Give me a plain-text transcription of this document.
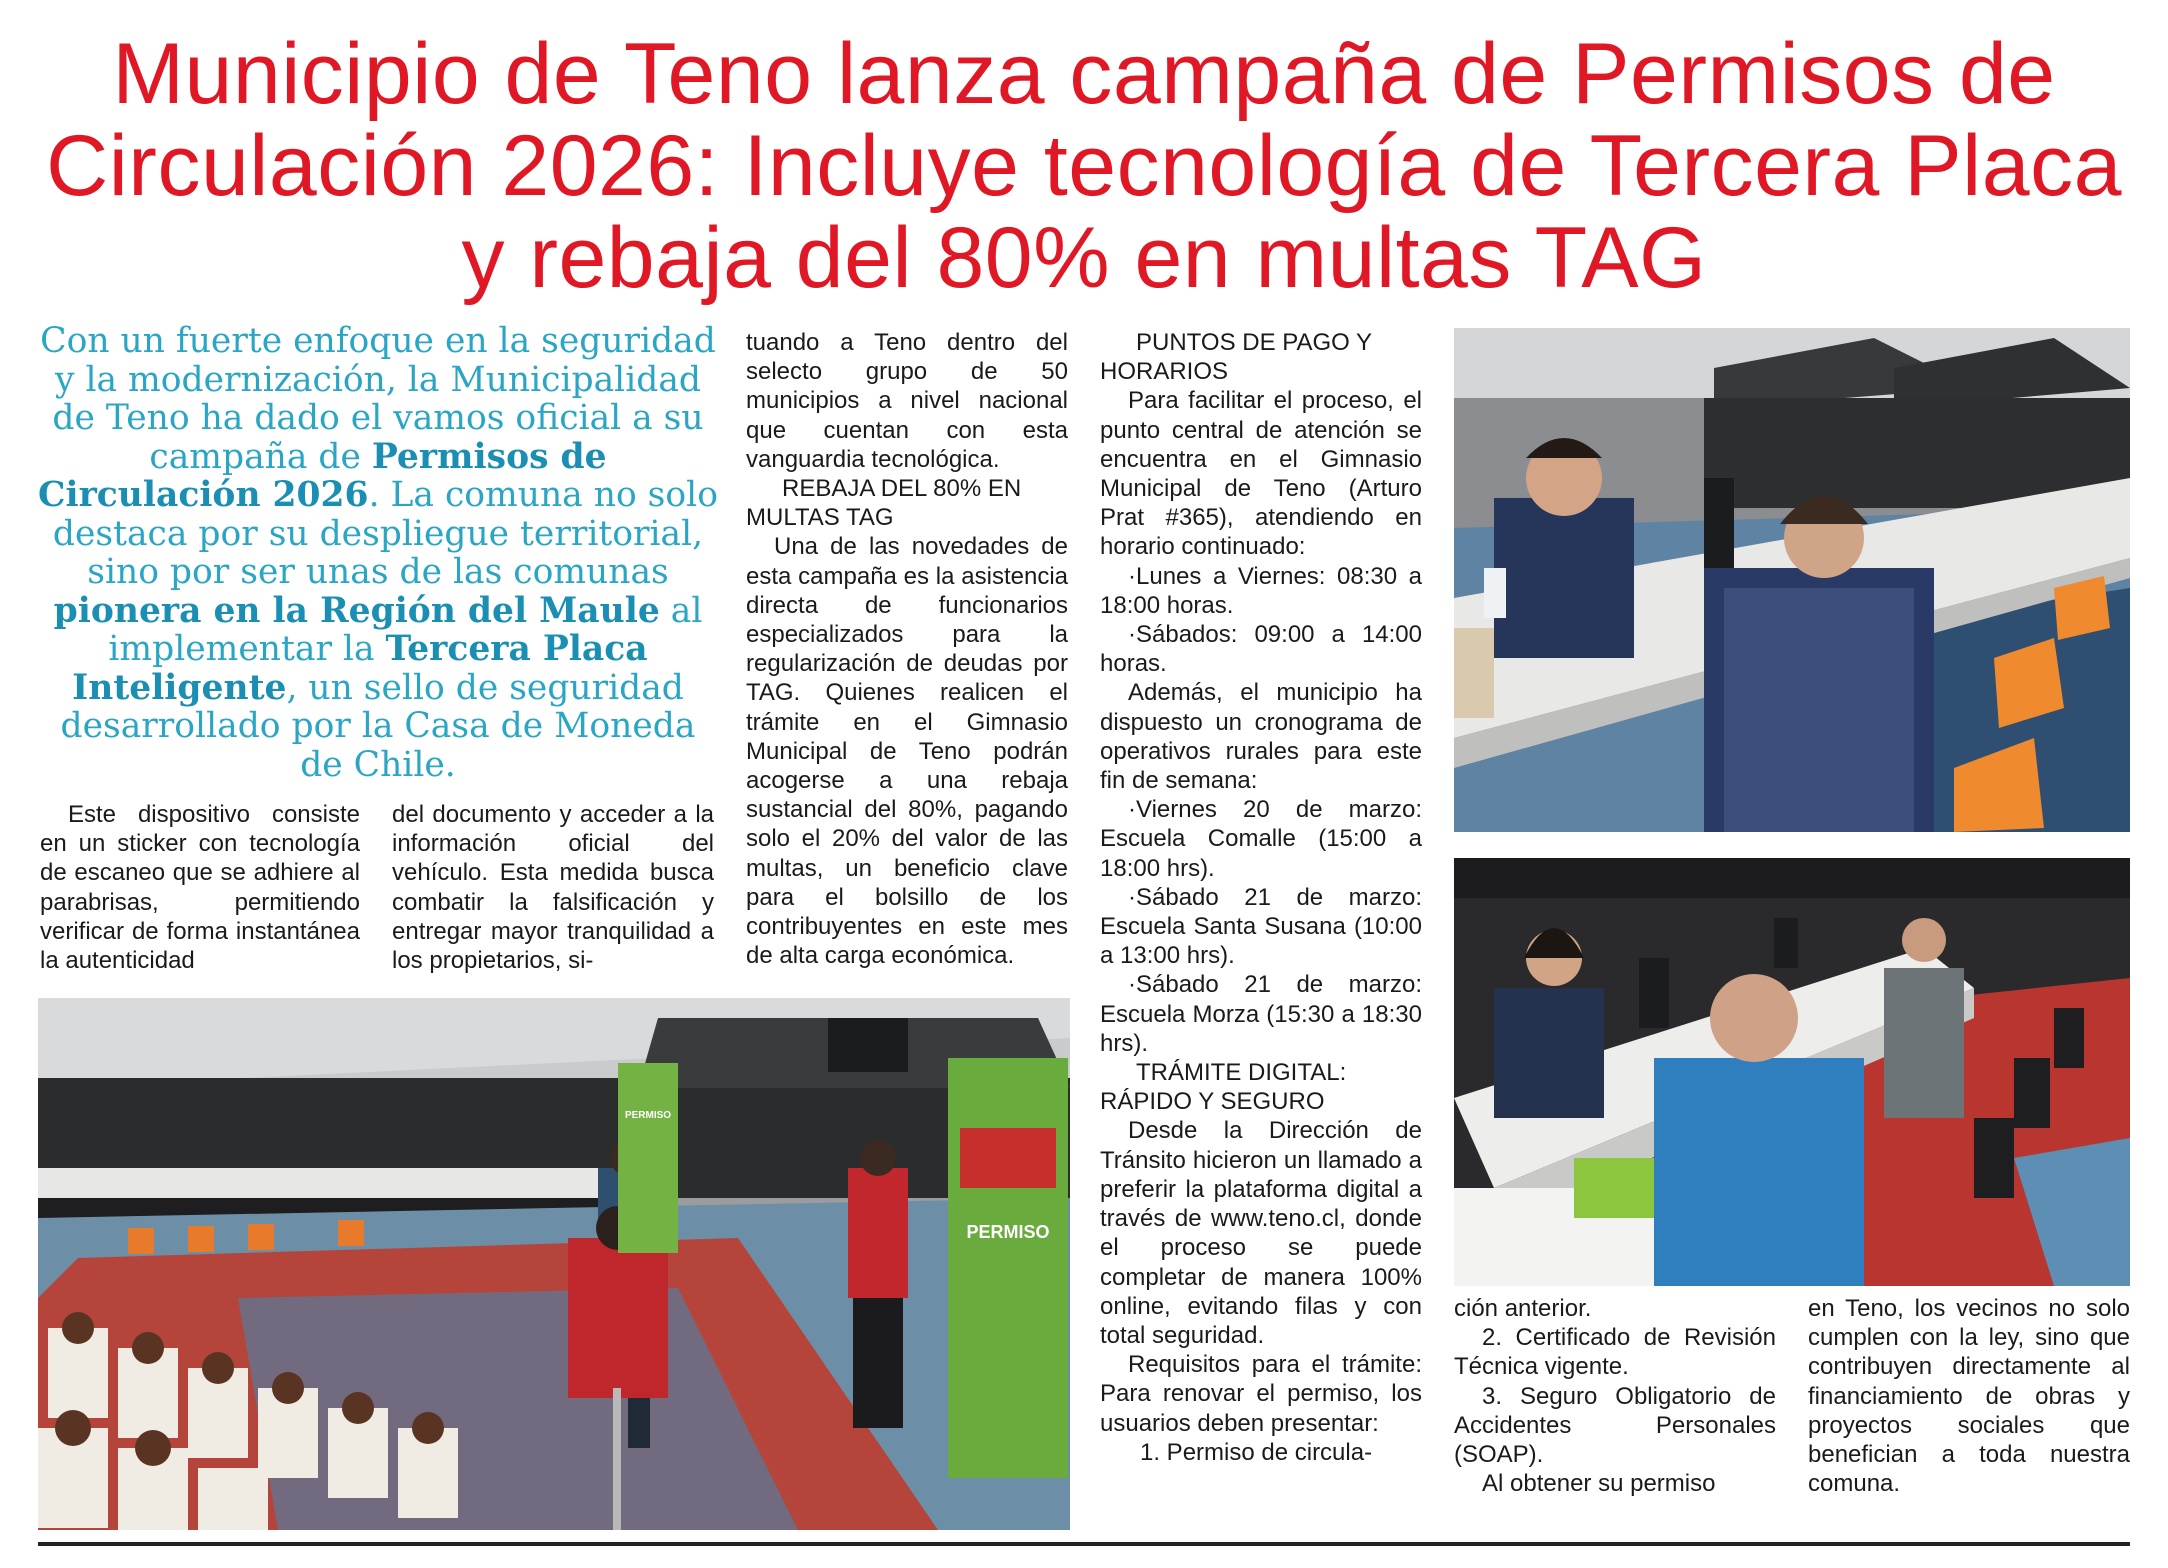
Municipio de Teno lanza campaña de Permisos de
Circulación 2026: Incluye tecnología de Tercera Placa
y rebaja del 80% en multas TAG
Con un fuerte enfoque en la seguridad y la modernización, la Municipalidad de Teno ha dado el vamos oficial a su campaña de Permisos de Circulación 2026. La comuna no solo destaca por su despliegue territorial, sino por ser unas de las comunas pionera en la Región del Maule al implementar la Tercera Placa Inteligente, un sello de seguridad desarrollado por la Casa de Moneda de Chile.

Este dispositivo consiste en un sticker con tecnología de escaneo que se adhiere al parabrisas, permitiendo verificar de forma instantánea la autenticidad

del documento y acceder a la información oficial del vehículo. Esta medida busca combatir la falsificación y entregar mayor tranquilidad a los propietarios, si-

tuando a Teno dentro del selecto grupo de 50 municipios a nivel nacional que cuentan con esta vanguardia tecnológica.

REBAJA DEL 80% EN MULTAS TAG

Una de las novedades de esta campaña es la asistencia directa de funcionarios especializados para la regularización de deudas por TAG. Quienes realicen el trámite en el Gimnasio Municipal de Teno podrán acogerse a una rebaja sustancial del 80%, pagando solo el 20% del valor de las multas, un beneficio clave para el bolsillo de los contribuyentes en este mes de alta carga económica.

PUNTOS DE PAGO Y HORARIOS

Para facilitar el proceso, el punto central de atención se encuentra en el Gimnasio Municipal de Teno (Arturo Prat #365), atendiendo en horario continuado:

·Lunes a Viernes: 08:30 a 18:00 horas.

·Sábados: 09:00 a 14:00 horas.

Además, el municipio ha dispuesto un cronograma de operativos rurales para este fin de semana:

·Viernes 20 de marzo: Escuela Comalle (15:00 a 18:00 hrs).

·Sábado 21 de marzo: Escuela Santa Susana (10:00 a 13:00 hrs).

·Sábado 21 de marzo: Escuela Morza (15:30 a 18:30 hrs).

TRÁMITE DIGITAL: RÁPIDO Y SEGURO

Desde la Dirección de Tránsito hicieron un llamado a preferir la plataforma digital a través de www.teno.cl, donde el proceso se puede completar de manera 100% online, evitando filas y con total seguridad.

Requisitos para el trámite: Para renovar el permiso, los usuarios deben presentar:

1. Permiso de circula-

ción anterior.

2. Certificado de Revisión Técnica vigente.

3. Seguro Obligatorio de Accidentes Personales (SOAP).

Al obtener su permiso

en Teno, los vecinos no solo cumplen con la ley, sino que contribuyen directamente al financiamiento de obras y proyectos sociales que benefician a toda nuestra comuna.

PERMISO
PERMISO
